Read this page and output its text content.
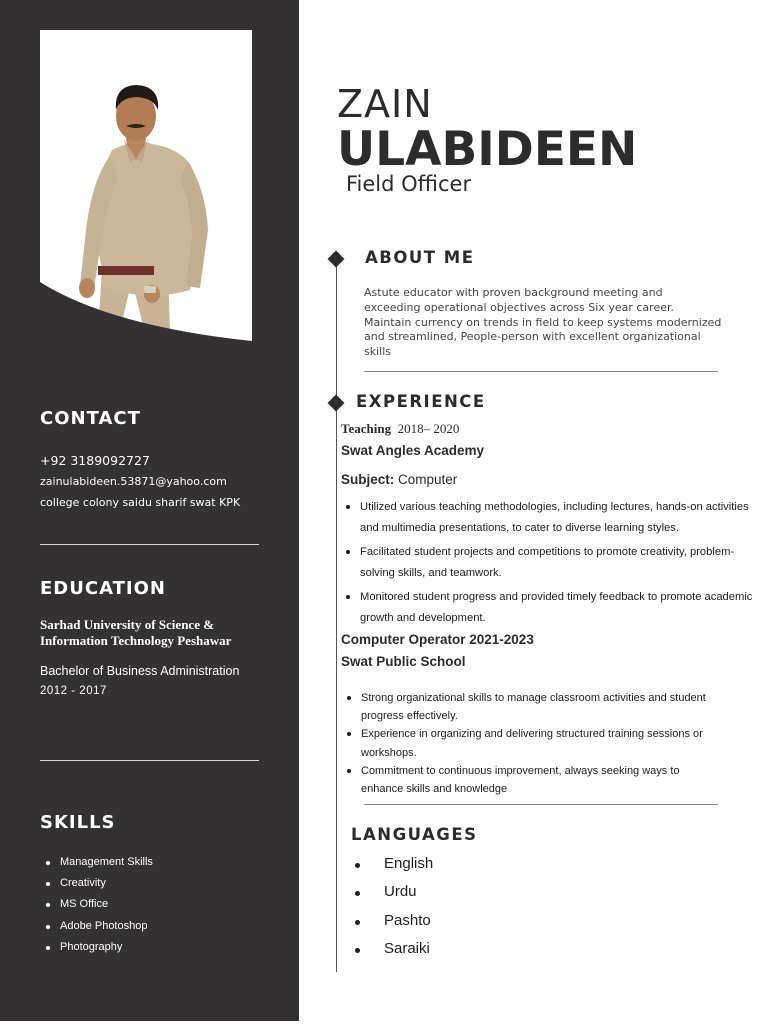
CONTACT
+92 3189092727
zainulabideen.53871@yahoo.com
college colony saidu sharif swat KPK
EDUCATION
Sarhad University of Science &
Information Technology Peshawar
Bachelor of Business Administration
2012 - 2017
SKILLS
Management Skills
Creativity
MS Office
Adobe Photoshop
Photography
ZAIN
ULABIDEEN
Field Officer
ABOUT ME
Astute educator with proven background meeting and exceeding operational objectives across Six year career. Maintain currency on trends in field to keep systems modernized and streamlined, People-person with excellent organizational skills
EXPERIENCE
Teaching 2018– 2020
Swat Angles Academy
Subject: Computer
Utilized various teaching methodologies, including lectures, hands-on activities and multimedia presentations, to cater to diverse learning styles.
Facilitated student projects and competitions to promote creativity, problem-solving skills, and teamwork.
Monitored student progress and provided timely feedback to promote academic growth and development.
Computer Operator 2021-2023
Swat Public School
Strong organizational skills to manage classroom activities and student progress effectively.
Experience in organizing and delivering structured training sessions or workshops.
Commitment to continuous improvement, always seeking ways to enhance skills and knowledge
LANGUAGES
English
Urdu
Pashto
Saraiki
